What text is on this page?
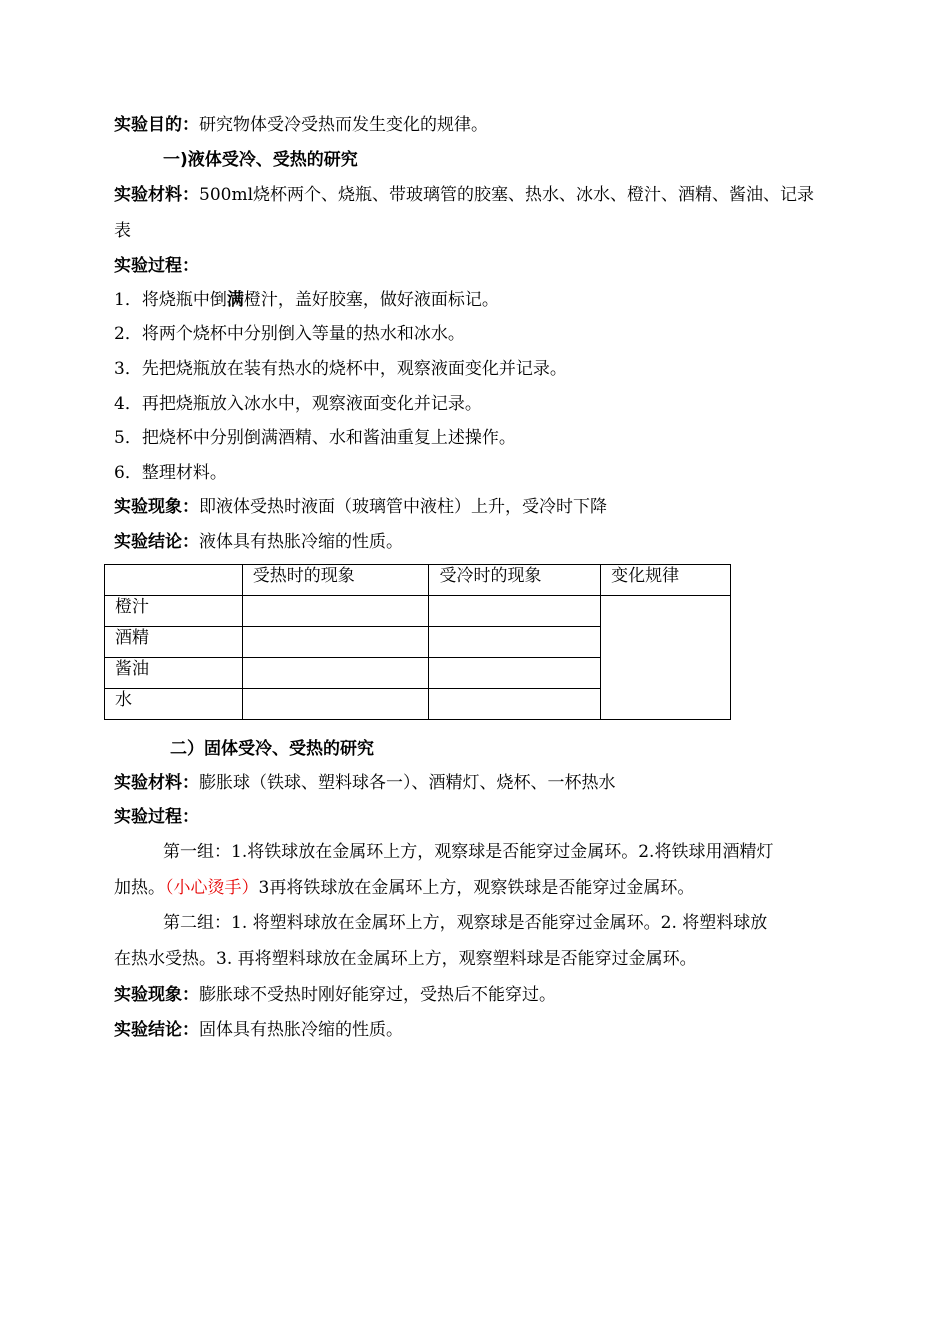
实验目的：研究物体受冷受热而发生变化的规律。
一)液体受冷、受热的研究
实验材料：500ml烧杯两个、烧瓶、带玻璃管的胶塞、热水、冰水、橙汁、酒精、酱油、记录
表
实验过程：
1．将烧瓶中倒满橙汁，盖好胶塞，做好液面标记。
2．将两个烧杯中分别倒入等量的热水和冰水。
3．先把烧瓶放在装有热水的烧杯中，观察液面变化并记录。
4．再把烧瓶放入冰水中，观察液面变化并记录。
5．把烧杯中分别倒满酒精、水和酱油重复上述操作。
6．整理材料。
实验现象：即液体受热时液面（玻璃管中液柱）上升，受冷时下降
实验结论：液体具有热胀冷缩的性质。
	受热时的现象	受冷时的现象	变化规律
橙汁			
酒精			
酱油			
水			
二）固体受冷、受热的研究
实验材料：膨胀球（铁球、塑料球各一）、酒精灯、烧杯、一杯热水
实验过程：
第一组：1.将铁球放在金属环上方，观察球是否能穿过金属环。2.将铁球用酒精灯
加热。（小心烫手）3再将铁球放在金属环上方，观察铁球是否能穿过金属环。
第二组：1. 将塑料球放在金属环上方，观察球是否能穿过金属环。2. 将塑料球放
在热水受热。3. 再将塑料球放在金属环上方，观察塑料球是否能穿过金属环。
实验现象：膨胀球不受热时刚好能穿过，受热后不能穿过。
实验结论：固体具有热胀冷缩的性质。
